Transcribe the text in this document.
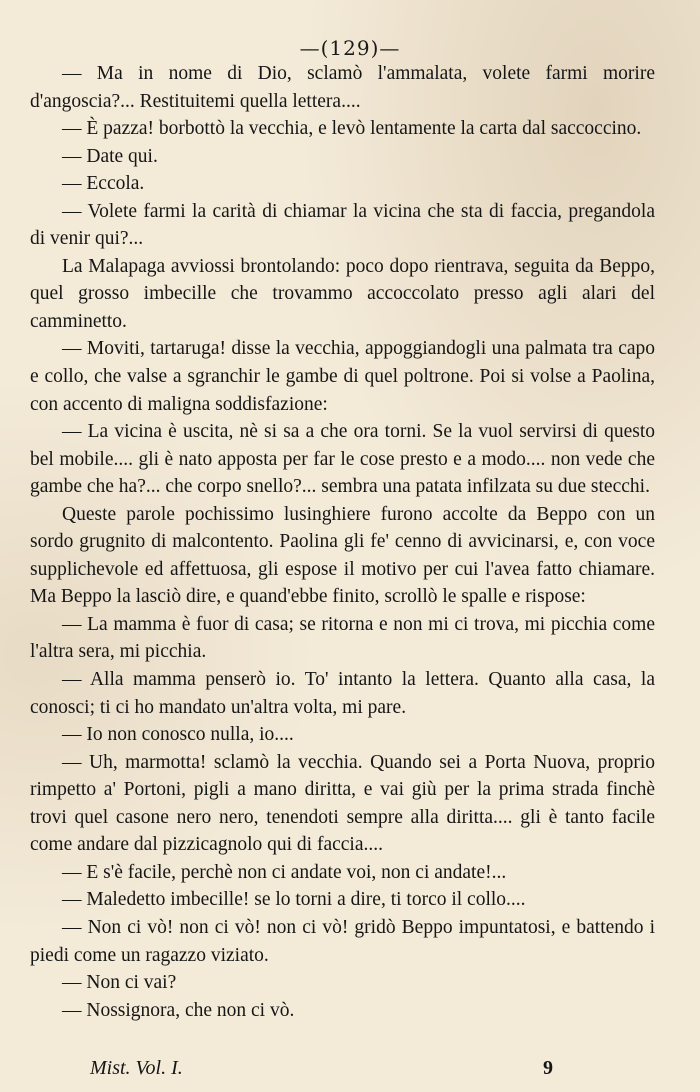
—(129)—

— Ma in nome di Dio, sclamò l'ammalata, volete farmi morire d'angoscia?... Restituitemi quella lettera....

— È pazza! borbottò la vecchia, e levò lentamente la carta dal saccoccino.

— Date qui.

— Eccola.

— Volete farmi la carità di chiamar la vicina che sta di faccia, pregandola di venir qui?...

La Malapaga avviossi brontolando: poco dopo rientrava, seguita da Beppo, quel grosso imbecille che trovammo accoccolato presso agli alari del camminetto.

— Moviti, tartaruga! disse la vecchia, appoggiandogli una palmata tra capo e collo, che valse a sgranchir le gambe di quel poltrone. Poi si volse a Paolina, con accento di maligna soddisfazione:

— La vicina è uscita, nè si sa a che ora torni. Se la vuol servirsi di questo bel mobile.... gli è nato apposta per far le cose presto e a modo.... non vede che gambe che ha?... che corpo snello?... sembra una patata infilzata su due stecchi.

Queste parole pochissimo lusinghiere furono accolte da Beppo con un sordo grugnito di malcontento. Paolina gli fe' cenno di avvicinarsi, e, con voce supplichevole ed affettuosa, gli espose il motivo per cui l'avea fatto chiamare. Ma Beppo la lasciò dire, e quand'ebbe finito, scrollò le spalle e rispose:

— La mamma è fuor di casa; se ritorna e non mi ci trova, mi picchia come l'altra sera, mi picchia.

— Alla mamma penserò io. To' intanto la lettera. Quanto alla casa, la conosci; ti ci ho mandato un'altra volta, mi pare.

— Io non conosco nulla, io....

— Uh, marmotta! sclamò la vecchia. Quando sei a Porta Nuova, proprio rimpetto a' Portoni, pigli a mano diritta, e vai giù per la prima strada finchè trovi quel casone nero nero, tenendoti sempre alla diritta.... gli è tanto facile come andare dal pizzicagnolo qui di faccia....

— E s'è facile, perchè non ci andate voi, non ci andate!...

— Maledetto imbecille! se lo torni a dire, ti torco il collo....

— Non ci vò! non ci vò! non ci vò! gridò Beppo impuntatosi, e battendo i piedi come un ragazzo viziato.

— Non ci vai?

— Nossignora, che non ci vò.

Mist. Vol. I.	9
